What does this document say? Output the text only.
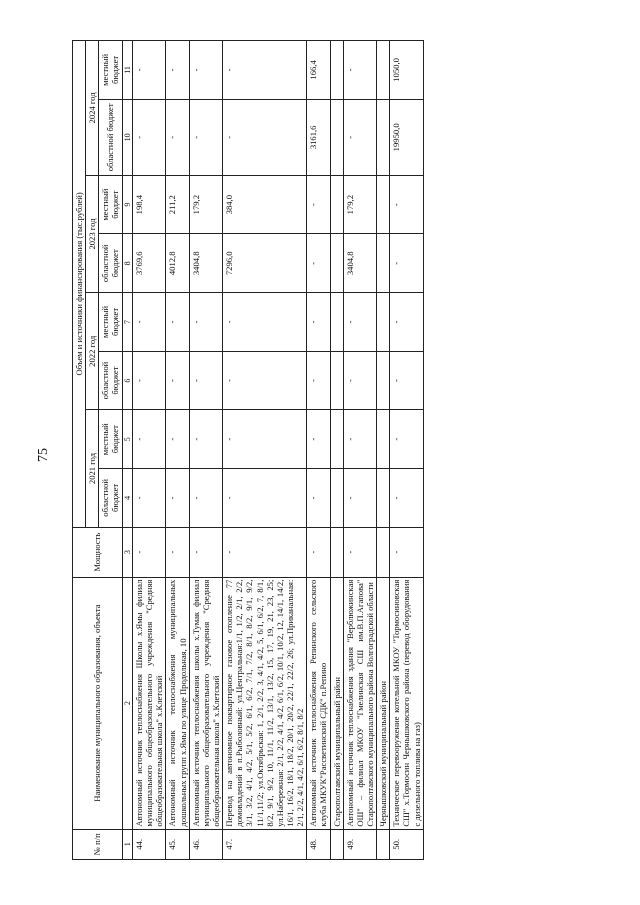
75
№ п/п	Наименование муниципального образования, объекта	Мощность	Объем и источники финансирования (тыс.рублей)							
			2021 год		2022 год		2023 год		2024 год	
			областной бюджет	местный бюджет	областной бюджет	местный бюджет	областной бюджет	местный бюджет	областной бюджет	местный бюджет
1	2	3	4	5	6	7	8	9	10	11
44.	Автономный источник теплоснабжения Школы х.Ямы филиал муниципального общеобразовательного учреждения "Средняя общеобразовательная школа" х.Клетский	-	-	-	-	-	3769,6	198,4	-	-
45.	Автономный источник теплоснабжения муниципальных дошкольных групп х.Ямы по улице Продольная, 10	-	-	-	-	-	4012,8	211,2	-	-
46.	Автономный источник теплоснабжения школы х.Тумак филиал муниципального общеобразовательного учреждения "Средняя общеобразовательная школа" х.Клетский	-	-	-	-	-	3404,8	179,2	-	-
47.	Перевод на автономное поквартирное газовое отопление 77 домовладений в п.Рыболовный: ул.Центральная:1/1, 1/2, 2/1, 2/2, 3/1, 3/2, 4/1, 4/2, 5/1, 5/2, 6/1, 6/2, 7/1, 7/2, 8/1, 8/2, 9/1, 9/2, 11/1,11/2; ул.Октябрьская: 1, 2/1, 2/2, 3, 4/1, 4/2, 5, 6/1, 6/2, 7, 8/1, 8/2, 9/1, 9/2, 10, 11/1, 11/2, 13/1, 13/2, 15, 17, 19, 21, 23, 25; ул.Набережная: 2/1, 2/2, 4/1, 4/2, 6/1, 6/2, 10/1, 10/2, 12, 14/1, 14/2, 16/1, 16/2, 18/1, 18/2, 20/1, 20/2, 22/1, 22/2, 26; ул.Приканальная: 2/1, 2/2, 4/1, 4/2, 6/1, 6/2, 8/1, 8/2	-	-	-	-	-	7296,0	384,0	-	-
48.	Автономный источник теплоснабжения Репинского сельского клуба МКУК"Рассветинский СДК" п.Репино	-	-	-	-	-	-	-	3161,6	166,4
	Старополтавский муниципальный район									
49.	Автономный источник теплоснабжения здания "Верблюжинская ОШ" – филиал МКОУ "Гмелинская СШ им.В.П.Агапова" Старополтавского муниципального района Волгоградской области	-	-	-	-	-	3404,8	179,2	-	-
	Чернышковский муниципальный район									
50.	Техническое перевооружение котельной МКОУ "Тормосиновская СШ" х.Тормосин Чернышковского района (перевод оборудования с дизельного топлива на газ)	-	-	-	-	-	-	-	19950,0	1050,0
